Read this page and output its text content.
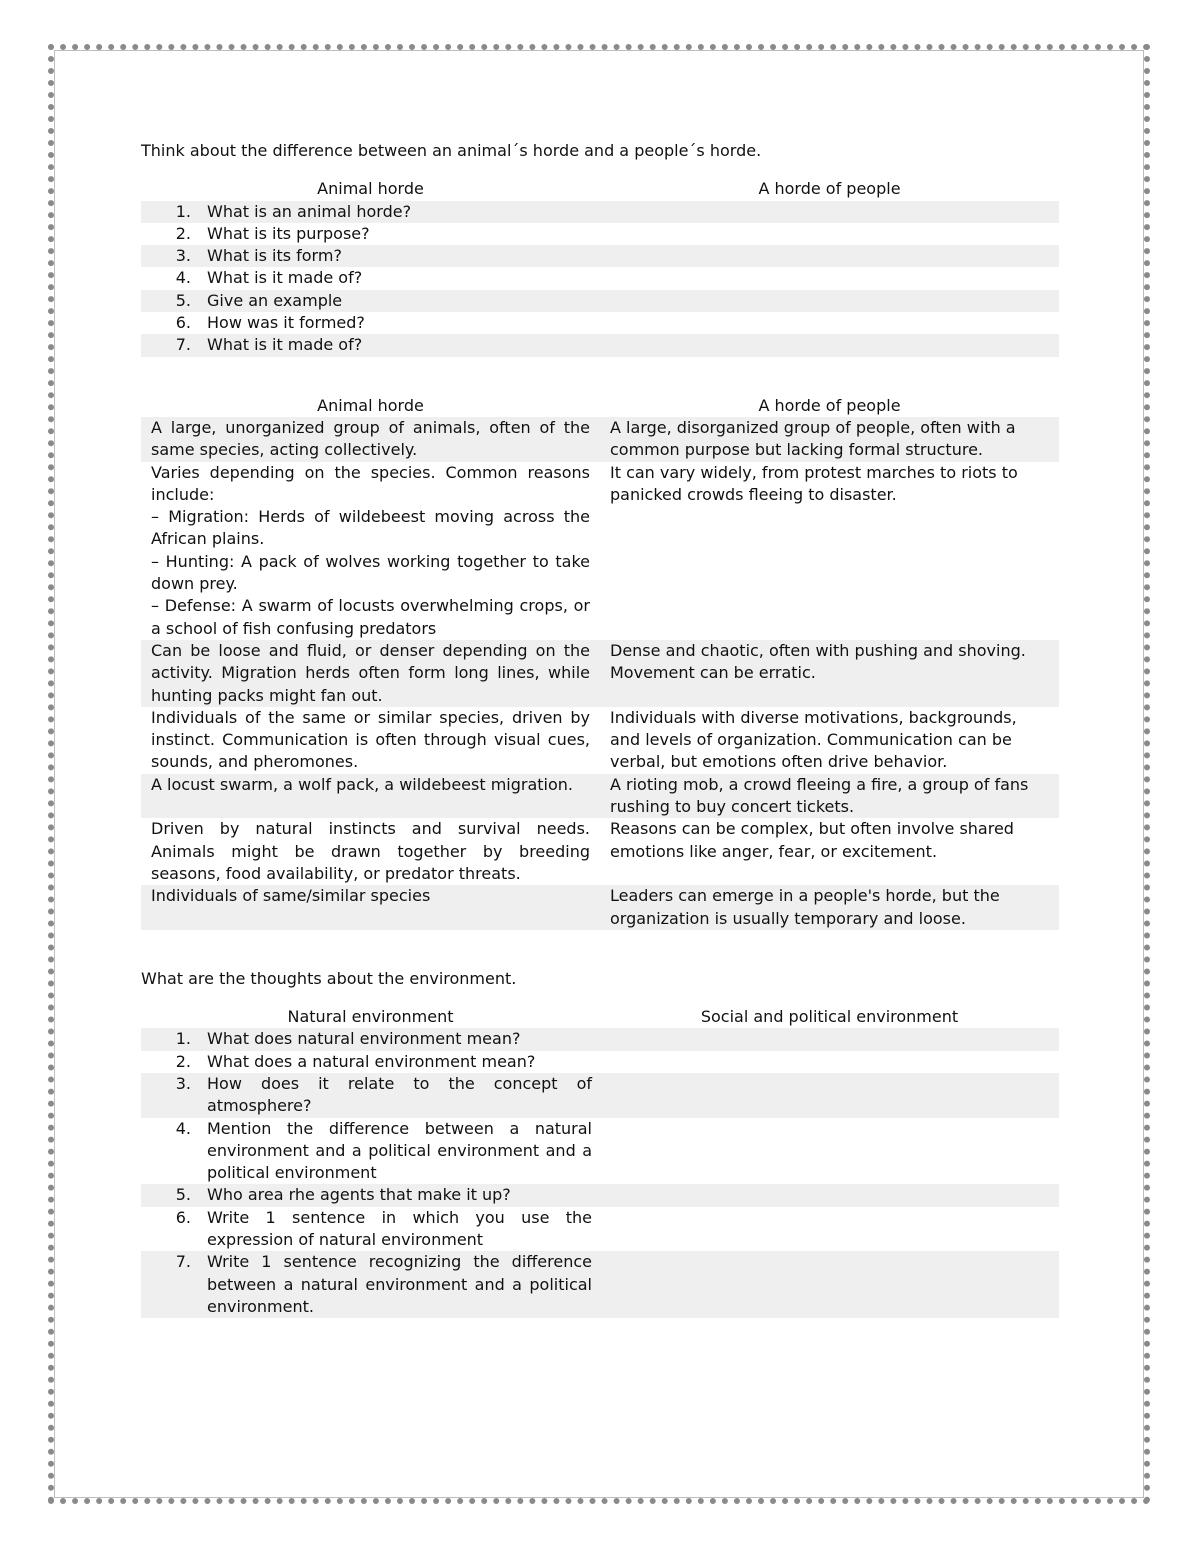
Think about the difference between an animal´s horde and a people´s horde.

Animal horde	A horde of people

1. What is an animal horde?	

2. What is its purpose?	

3. What is its form?	

4. What is it made of?	

5. Give an example	

6. How was it formed?	

7. What is it made of?	

Animal horde	A horde of people

A large, unorganized group of animals, often of the same species, acting collectively.	A large, disorganized group of people, often with a common purpose but lacking formal structure.

Varies depending on the species. Common reasons include:
– Migration: Herds of wildebeest moving across the African plains.
– Hunting: A pack of wolves working together to take down prey.
– Defense: A swarm of locusts overwhelming crops, or a school of fish confusing predators	It can vary widely, from protest marches to riots to panicked crowds fleeing to disaster.

Can be loose and fluid, or denser depending on the activity. Migration herds often form long lines, while hunting packs might fan out.	Dense and chaotic, often with pushing and shoving. Movement can be erratic.

Individuals of the same or similar species, driven by instinct. Communication is often through visual cues, sounds, and pheromones.	Individuals with diverse motivations, backgrounds, and levels of organization. Communication can be verbal, but emotions often drive behavior.

A locust swarm, a wolf pack, a wildebeest migration.	A rioting mob, a crowd fleeing a fire, a group of fans rushing to buy concert tickets.

Driven by natural instincts and survival needs. Animals might be drawn together by breeding seasons, food availability, or predator threats.	Reasons can be complex, but often involve shared emotions like anger, fear, or excitement.

Individuals of same/similar species	Leaders can emerge in a people's horde, but the organization is usually temporary and loose.

What are the thoughts about the environment.

Natural environment	Social and political environment

1. What does natural environment mean?	

2. What does a natural environment mean?	

3. How does it relate to the concept of atmosphere?	

4. Mention the difference between a natural environment and a political environment and a political environment	

5. Who area rhe agents that make it up?	

6. Write 1 sentence in which you use the expression of natural environment	

7. Write 1 sentence recognizing the difference between a natural environment and a political environment.	
